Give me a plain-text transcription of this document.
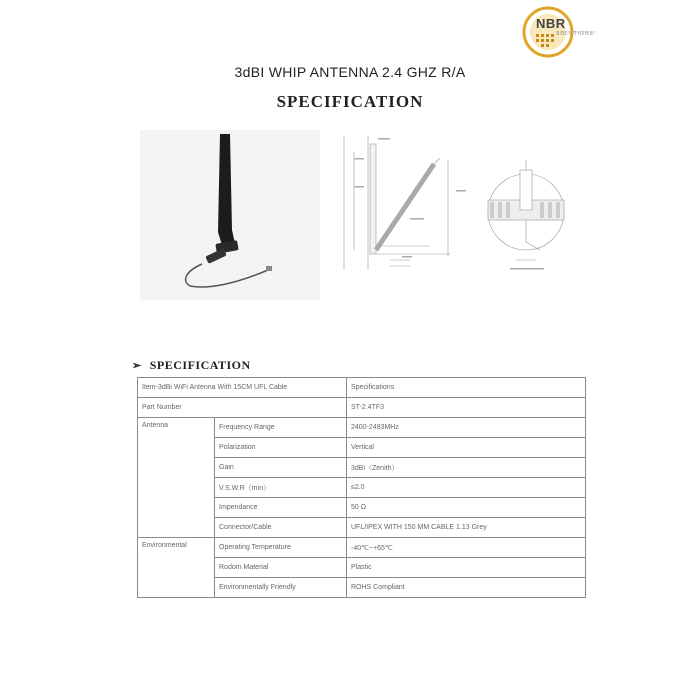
NBR
SOLUTIONS
3dBI WHIP ANTENNA 2.4 GHZ R/A
SPECIFICATION
➢ SPECIFICATION
Item-3dBi WiFi Antenna With 15CM UFL Cable		Specifications
Part Number		ST-2.4TF3
Antenna	Frequency Range	2400-2483MHz
	Polarization	Vertical
	Gain	3dBi（Zenith）
	V.S.W.R（min）	≤2.0
	Impendance	50 Ω
	Connector/Cable	UFL/IPEX WITH 150 MM CABLE 1.13 Grey
Environmental	Operating Temperature	-40℃~+65℃
	Rodom Material	Plastic
	Environmentally Friendly	ROHS Compliant
